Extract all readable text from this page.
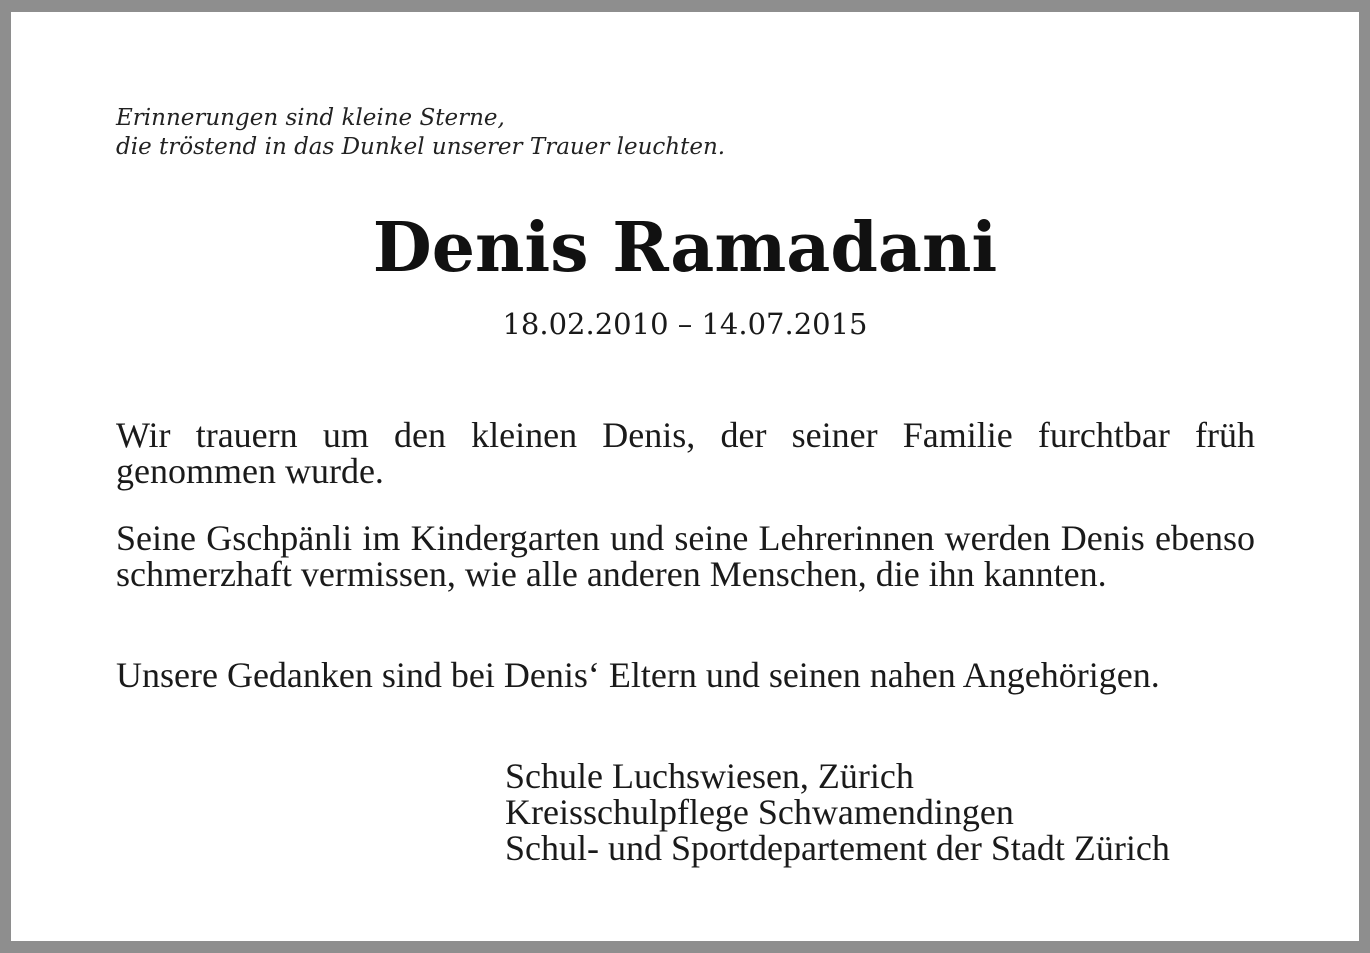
Erinnerungen sind kleine Sterne,
die tröstend in das Dunkel unserer Trauer leuchten.

Denis Ramadani

18.02.2010 – 14.07.2015

Wir trauern um den kleinen Denis, der seiner Familie furchtbar früh genommen wurde.

Seine Gschpänli im Kindergarten und seine Lehrerinnen werden Denis ebenso schmerzhaft vermissen, wie alle anderen Menschen, die ihn kannten.

Unsere Gedanken sind bei Denis‘ Eltern und seinen nahen Angehörigen.

Schule Luchswiesen, Zürich
Kreisschulpflege Schwamendingen
Schul- und Sportdepartement der Stadt Zürich
